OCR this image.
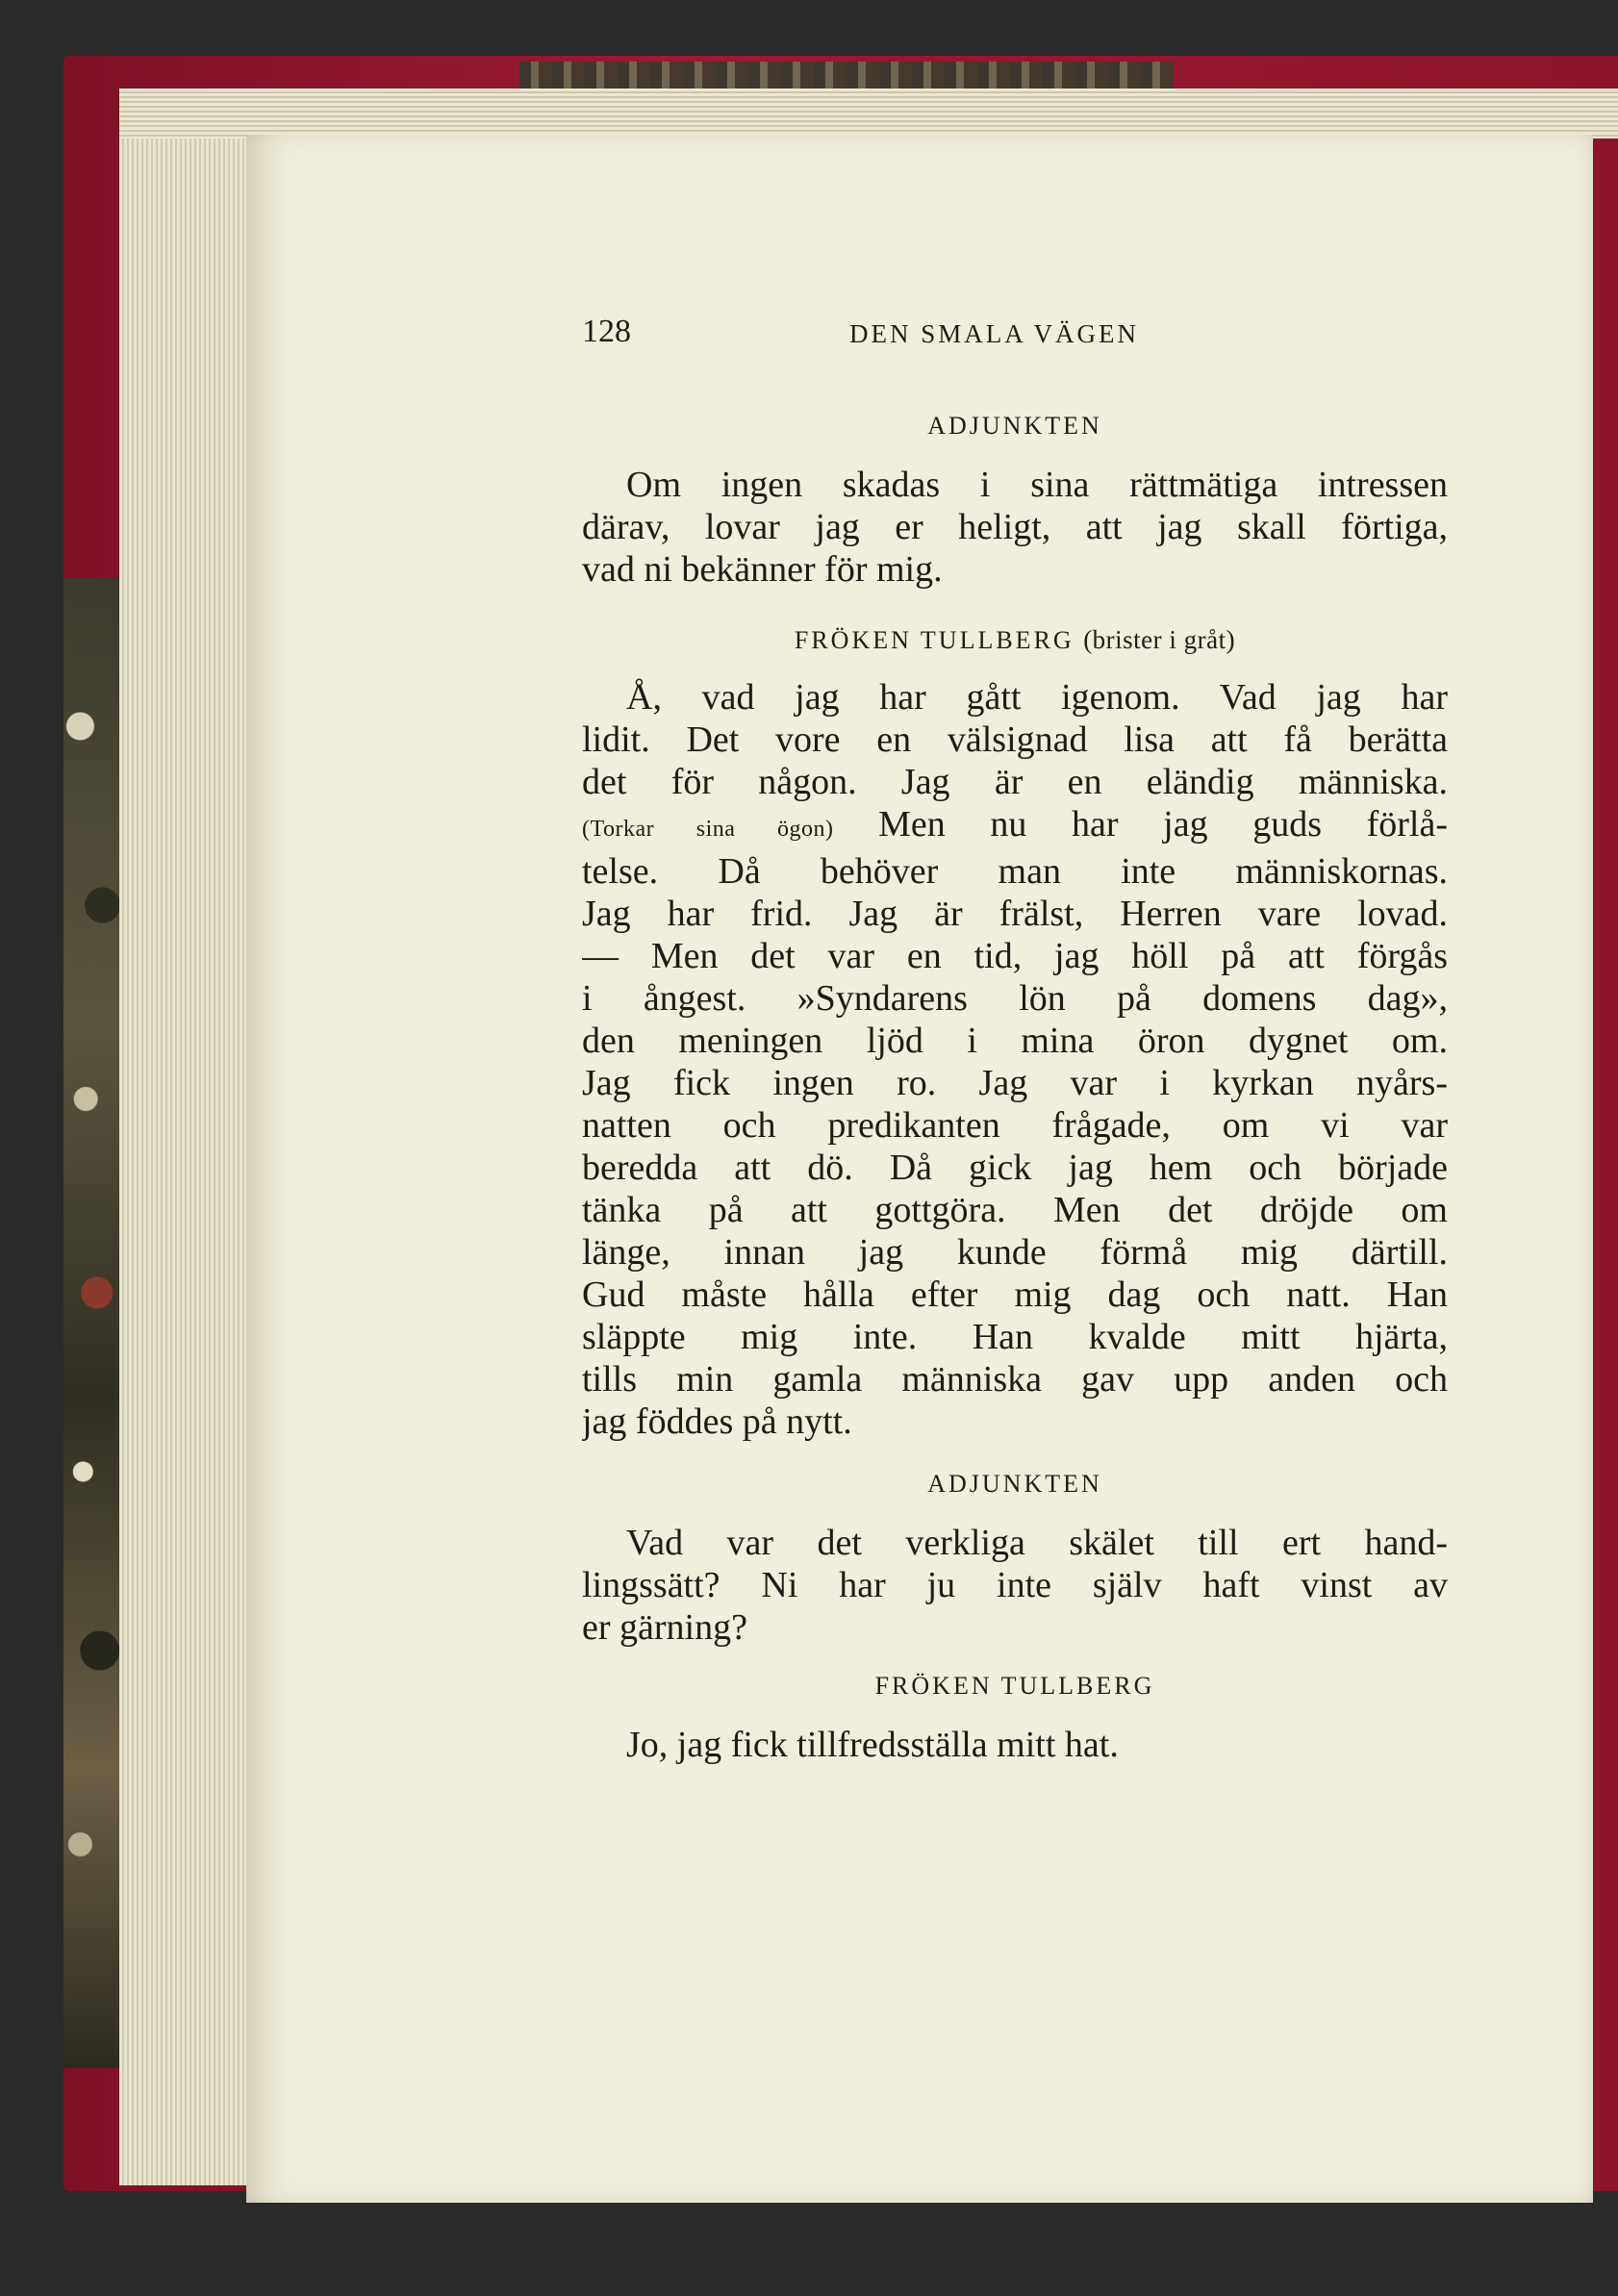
128	DEN SMALA VÄGEN

ADJUNKTEN

Om ingen skadas i sina rättmätiga intressen
därav, lovar jag er heligt, att jag skall förtiga,
vad ni bekänner för mig.

FRÖKEN TULLBERG (brister i gråt)

Å, vad jag har gått igenom. Vad jag har
lidit. Det vore en välsignad lisa att få berätta
det för någon. Jag är en eländig människa.
(Torkar sina ögon) Men nu har jag guds förlå-
telse. Då behöver man inte människornas.
Jag har frid. Jag är frälst, Herren vare lovad.
— Men det var en tid, jag höll på att förgås
i ångest. »Syndarens lön på domens dag»,
den meningen ljöd i mina öron dygnet om.
Jag fick ingen ro. Jag var i kyrkan nyårs-
natten och predikanten frågade, om vi var
beredda att dö. Då gick jag hem och började
tänka på att gottgöra. Men det dröjde om
länge, innan jag kunde förmå mig därtill.
Gud måste hålla efter mig dag och natt. Han
släppte mig inte. Han kvalde mitt hjärta,
tills min gamla människa gav upp anden och
jag föddes på nytt.

ADJUNKTEN

Vad var det verkliga skälet till ert hand-
lingssätt? Ni har ju inte själv haft vinst av
er gärning?

FRÖKEN TULLBERG

Jo, jag fick tillfredsställa mitt hat.
